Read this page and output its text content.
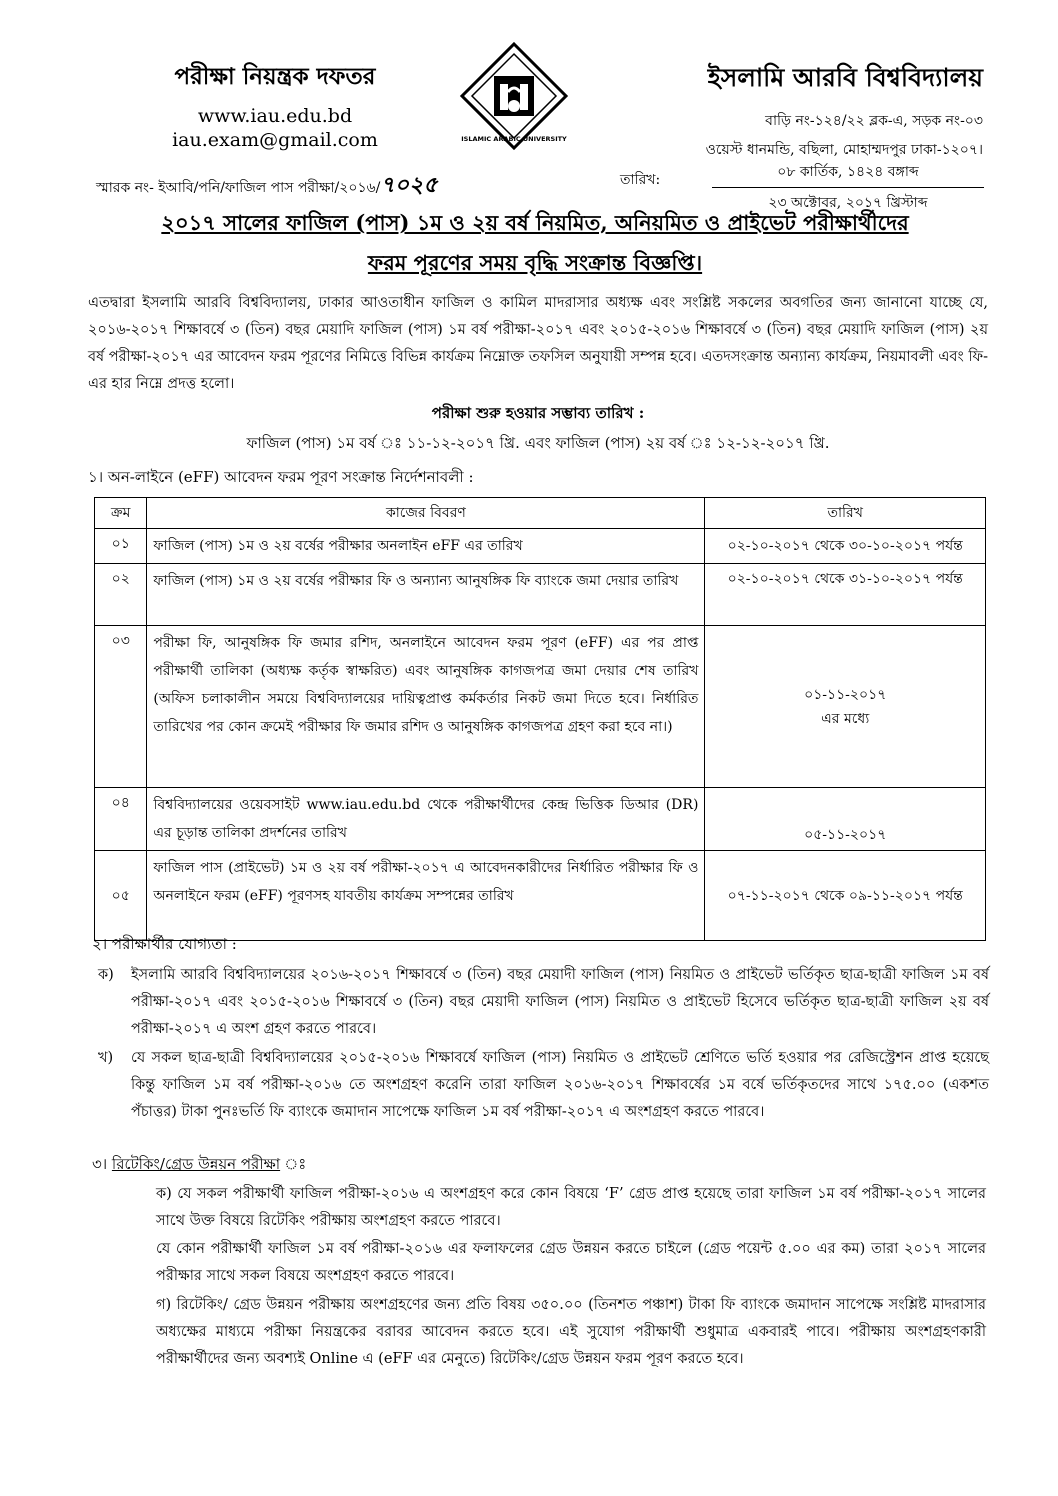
পরীক্ষা নিয়ন্ত্রক দফতর
www.iau.edu.bd
iau.exam@gmail.com	ISLAMIC ARABIC UNIVERSITY
ইসলামি আরবি বিশ্ববিদ্যালয়
বাড়ি নং-১২৪/২২ ব্লক-এ, সড়ক নং-০৩
ওয়েস্ট ধানমন্ডি, বছিলা, মোহাম্মদপুর ঢাকা-১২০৭।
স্মারক নং- ইআবি/পনি/ফাজিল পাস পরীক্ষা/২০১৬/৭০২৫	তারিখ:	০৮ কার্তিক, ১৪২৪ বঙ্গাব্দ
২৩ অক্টোবর, ২০১৭ খ্রিস্টাব্দ
২০১৭ সালের ফাজিল (পাস) ১ম ও ২য় বর্ষ নিয়মিত, অনিয়মিত ও প্রাইভেট পরীক্ষার্থীদের
ফরম পূরণের সময় বৃদ্ধি সংক্রান্ত বিজ্ঞপ্তি।
এতদ্বারা ইসলামি আরবি বিশ্ববিদ্যালয়, ঢাকার আওতাধীন ফাজিল ও কামিল মাদরাসার অধ্যক্ষ এবং সংশ্লিষ্ট সকলের অবগতির জন্য জানানো যাচ্ছে যে, ২০১৬-২০১৭ শিক্ষাবর্ষে ৩ (তিন) বছর মেয়াদি ফাজিল (পাস) ১ম বর্ষ পরীক্ষা-২০১৭ এবং ২০১৫-২০১৬ শিক্ষাবর্ষে ৩ (তিন) বছর মেয়াদি ফাজিল (পাস) ২য় বর্ষ পরীক্ষা-২০১৭ এর আবেদন ফরম পূরণের নিমিত্তে বিভিন্ন কার্যক্রম নিম্নোক্ত তফসিল অনুযায়ী সম্পন্ন হবে। এতদসংক্রান্ত অন্যান্য কার্যক্রম, নিয়মাবলী এবং ফি-এর হার নিম্নে প্রদত্ত হলো।
পরীক্ষা শুরু হওয়ার সম্ভাব্য তারিখ :
ফাজিল (পাস) ১ম বর্ষ ঃ ১১-১২-২০১৭ খ্রি. এবং ফাজিল (পাস) ২য় বর্ষ ঃ ১২-১২-২০১৭ খ্রি.
১। অন-লাইনে (eFF) আবেদন ফরম পূরণ সংক্রান্ত নির্দেশনাবলী :
ক্রম	কাজের বিবরণ	তারিখ
০১	ফাজিল (পাস) ১ম ও ২য় বর্ষের পরীক্ষার অনলাইন eFF এর তারিখ	০২-১০-২০১৭ থেকে ৩০-১০-২০১৭ পর্যন্ত
০২	ফাজিল (পাস) ১ম ও ২য় বর্ষের পরীক্ষার ফি ও অন্যান্য আনুষঙ্গিক ফি ব্যাংকে জমা দেয়ার তারিখ	০২-১০-২০১৭ থেকে ৩১-১০-২০১৭ পর্যন্ত
০৩	পরীক্ষা ফি, আনুষঙ্গিক ফি জমার রশিদ, অনলাইনে আবেদন ফরম পূরণ (eFF) এর পর প্রাপ্ত পরীক্ষার্থী তালিকা (অধ্যক্ষ কর্তৃক স্বাক্ষরিত) এবং আনুষঙ্গিক কাগজপত্র জমা দেয়ার শেষ তারিখ (অফিস চলাকালীন সময়ে বিশ্ববিদ্যালয়ের দায়িত্বপ্রাপ্ত কর্মকর্তার নিকট জমা দিতে হবে। নির্ধারিত তারিখের পর কোন ক্রমেই পরীক্ষার ফি জমার রশিদ ও আনুষঙ্গিক কাগজপত্র গ্রহণ করা হবে না।)	০১-১১-২০১৭
এর মধ্যে
০৪	বিশ্ববিদ্যালয়ের ওয়েবসাইট www.iau.edu.bd থেকে পরীক্ষার্থীদের কেন্দ্র ভিত্তিক ডিআর (DR) এর চূড়ান্ত তালিকা প্রদর্শনের তারিখ	০৫-১১-২০১৭
০৫	ফাজিল পাস (প্রাইভেট) ১ম ও ২য় বর্ষ পরীক্ষা-২০১৭ এ আবেদনকারীদের নির্ধারিত পরীক্ষার ফি ও অনলাইনে ফরম (eFF) পূরণসহ যাবতীয় কার্যক্রম সম্পন্নের তারিখ	০৭-১১-২০১৭ থেকে ০৯-১১-২০১৭ পর্যন্ত
২। পরীক্ষার্থীর যোগ্যতা :
ক) ইসলামি আরবি বিশ্ববিদ্যালয়ের ২০১৬-২০১৭ শিক্ষাবর্ষে ৩ (তিন) বছর মেয়াদী ফাজিল (পাস) নিয়মিত ও প্রাইভেট ভর্তিকৃত ছাত্র-ছাত্রী ফাজিল ১ম বর্ষ পরীক্ষা-২০১৭ এবং ২০১৫-২০১৬ শিক্ষাবর্ষে ৩ (তিন) বছর মেয়াদী ফাজিল (পাস) নিয়মিত ও প্রাইভেট হিসেবে ভর্তিকৃত ছাত্র-ছাত্রী ফাজিল ২য় বর্ষ পরীক্ষা-২০১৭ এ অংশ গ্রহণ করতে পারবে।
খ) যে সকল ছাত্র-ছাত্রী বিশ্ববিদ্যালয়ের ২০১৫-২০১৬ শিক্ষাবর্ষে ফাজিল (পাস) নিয়মিত ও প্রাইভেট শ্রেণিতে ভর্তি হওয়ার পর রেজিস্ট্রেশন প্রাপ্ত হয়েছে কিন্তু ফাজিল ১ম বর্ষ পরীক্ষা-২০১৬ তে অংশগ্রহণ করেনি তারা ফাজিল ২০১৬-২০১৭ শিক্ষাবর্ষের ১ম বর্ষে ভর্তিকৃতদের সাথে ১৭৫.০০ (একশত পঁচাত্তর) টাকা পুনঃভর্তি ফি ব্যাংকে জমাদান সাপেক্ষে ফাজিল ১ম বর্ষ পরীক্ষা-২০১৭ এ অংশগ্রহণ করতে পারবে।
৩। রিটেকিং/গ্রেড উন্নয়ন পরীক্ষা ঃ
ক) যে সকল পরীক্ষার্থী ফাজিল পরীক্ষা-২০১৬ এ অংশগ্রহণ করে কোন বিষয়ে ‘F’ গ্রেড প্রাপ্ত হয়েছে তারা ফাজিল ১ম বর্ষ পরীক্ষা-২০১৭ সালের সাথে উক্ত বিষয়ে রিটেকিং পরীক্ষায় অংশগ্রহণ করতে পারবে।
যে কোন পরীক্ষার্থী ফাজিল ১ম বর্ষ পরীক্ষা-২০১৬ এর ফলাফলের গ্রেড উন্নয়ন করতে চাইলে (গ্রেড পয়েন্ট ৫.০০ এর কম) তারা ২০১৭ সালের পরীক্ষার সাথে সকল বিষয়ে অংশগ্রহণ করতে পারবে।
গ) রিটেকিং/ গ্রেড উন্নয়ন পরীক্ষায় অংশগ্রহণের জন্য প্রতি বিষয় ৩৫০.০০ (তিনশত পঞ্চাশ) টাকা ফি ব্যাংকে জমাদান সাপেক্ষে সংশ্লিষ্ট মাদরাসার অধ্যক্ষের মাধ্যমে পরীক্ষা নিয়ন্ত্রকের বরাবর আবেদন করতে হবে। এই সুযোগ পরীক্ষার্থী শুধুমাত্র একবারই পাবে। পরীক্ষায় অংশগ্রহণকারী পরীক্ষার্থীদের জন্য অবশ্যই Online এ (eFF এর মেনুতে) রিটেকিং/গ্রেড উন্নয়ন ফরম পূরণ করতে হবে।
